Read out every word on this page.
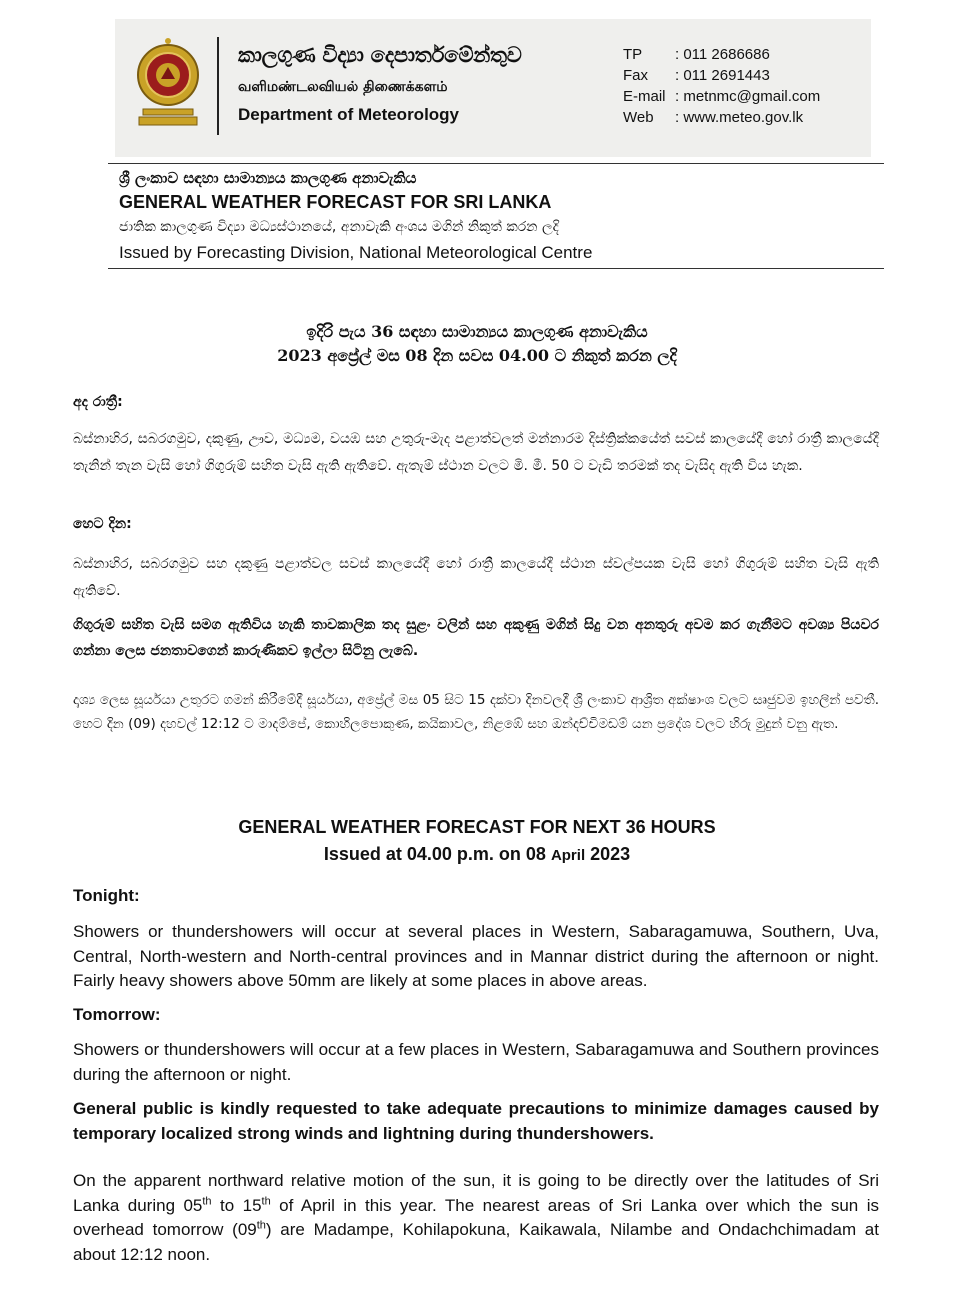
කාලගුණ විද්‍යා දෙපාර්තමේන්තුව
வளிமண்டலவியல் திணைக்களம்
Department of Meteorology
TP	: 011 2686686
Fax	: 011 2691443
E-mail : metnmc@gmail.com
Web	: www.meteo.gov.lk
ශ්‍රී ලංකාව සඳහා සාමාන්‍යය කාලගුණ අනාවැකිය
GENERAL WEATHER FORECAST FOR SRI LANKA
ජාතික කාලගුණ විද්‍යා මධ්‍යස්ථානයේ, අනාවැකි අංශය මගින් නිකුත් කරන ලදි
Issued by Forecasting Division, National Meteorological Centre
ඉදිරි පැය 36 සඳහා සාමාන්‍යය කාලගුණ අනාවැකිය
2023 අප්‍රේල් මස 08 දින සවස 04.00 ට නිකුත් කරන ලදි
අද රාත්‍රී:
බස්නාහිර, සබරගමුව, දකුණු, ඌව, මධ්‍යම, වයඹ සහ උතුරු-මැද පළාත්වලත් මන්නාරම දිස්ත්‍රික්කයේත් සවස් කාලයේදී හෝ රාත්‍රී කාලයේදී තැනින් තැන වැසි හෝ ගිගුරුම් සහිත වැසි ඇති ඇතිවේ. ඇතැම් ස්ථාන වලට මි. මී. 50 ට වැඩි තරමක් තද වැසිද ඇති විය හැක.
හෙට දින:
බස්නාහිර, සබරගමුව සහ දකුණු පළාත්වල සවස් කාලයේදී හෝ රාත්‍රී කාලයේදී ස්ථාන ස්වල්පයක වැසි හෝ ගිගුරුම් සහිත වැසි ඇති ඇතිවේ.
ගිගුරුම් සහිත වැසි සමග ඇතිවිය හැකි තාවකාලික තද සුළං වලින් සහ අකුණු මගින් සිදු වන අනතුරු අවම කර ගැනීමට අවශ්‍ය පියවර ගන්නා ලෙස ජනතාවගෙන් කාරුණිකව ඉල්ලා සිටිනු ලැබේ.
දෘශ්‍ය ලෙස සූර්යයා උතුරට ගමන් කිරීමේදී සූර්යයා, අප්‍රේල් මස 05 සිට 15 දක්වා දිනවලදී ශ්‍රී ලංකාව ආශ්‍රිත අක්ෂාංශ වලට සෘජුවම ඉහලින් පවතී. හෙට දින (09) දහවල් 12:12 ට මාදම්පේ, කොහිලපොකුණ, කයිකාවල, නිළඹේ සහ ඔන්දච්චිමඩම් යන ප්‍රදේශ වලට හිරු මුදුන් වනු ඇත.
GENERAL WEATHER FORECAST FOR NEXT 36 HOURS
Issued at 04.00 p.m. on 08 April 2023
Tonight:
Showers or thundershowers will occur at several places in Western, Sabaragamuwa, Southern, Uva, Central, North-western and North-central provinces and in Mannar district during the afternoon or night. Fairly heavy showers above 50mm are likely at some places in above areas.
Tomorrow:
Showers or thundershowers will occur at a few places in Western, Sabaragamuwa and Southern provinces during the afternoon or night.
General public is kindly requested to take adequate precautions to minimize damages caused by temporary localized strong winds and lightning during thundershowers.
On the apparent northward relative motion of the sun, it is going to be directly over the latitudes of Sri Lanka during 05th to 15th of April in this year. The nearest areas of Sri Lanka over which the sun is overhead tomorrow (09th) are Madampe, Kohilapokuna, Kaikawala, Nilambe and Ondachchimadam at about 12:12 noon.
